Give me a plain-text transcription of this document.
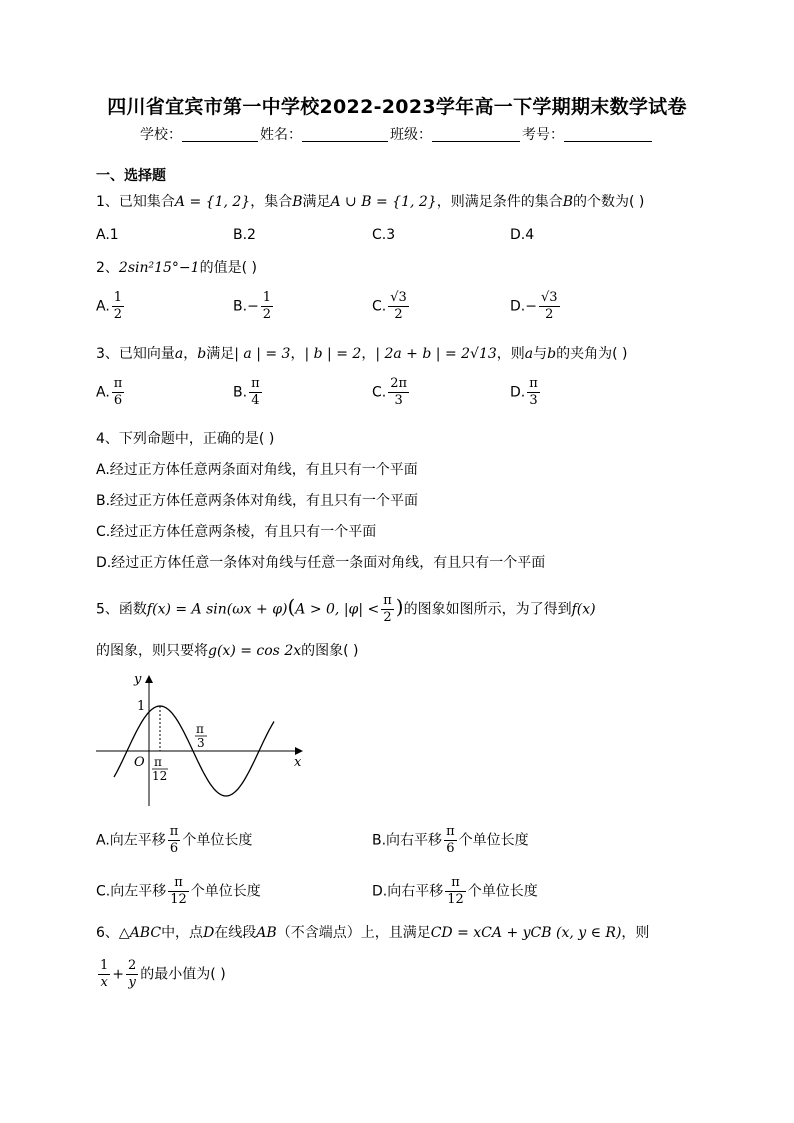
四川省宜宾市第一中学校2022-2023学年高一下学期期末数学试卷
学校：	姓名：	班级：	考号：
一、选择题
1、已知集合A = {1, 2}，集合B满足A ∪ B = {1, 2}，则满足条件的集合B的个数为( )
A.1	B.2	C.3	D.4
2、2sin²15°−1的值是( )
A. $\frac{1}{2}$	$B.- \frac{1}{2}$	C. $\frac{√3}{2}$	$D.- \frac{√3}{2}$
3、已知向量a，b满足| a | = 3，| b | = 2，| 2a + b | = 2√13，则a与b的夹角为( )
A. $\frac{\pi}{6}$	B. $\frac{\pi}{4}$	C. $\frac{2\pi}{3}$	D. $\frac{\pi}{3}$
4、下列命题中，正确的是( )
A.经过正方体任意两条面对角线，有且只有一个平面
B.经过正方体任意两条体对角线，有且只有一个平面
C.经过正方体任意两条棱，有且只有一个平面
D.经过正方体任意一条体对角线与任意一条面对角线，有且只有一个平面
5、函数f(x) = A sin(ωx + φ)(A > 0, $|\varphi| < \frac{\pi}{2}$ )的图象如图所示，为了得到f(x)
的图象，则只要将g(x) = cos 2x的图象( )
y
x
O
1
π
12
π
3
A.向左平移 $\frac{\pi}{6}$ 个单位长度	B.向右平移 $\frac{\pi}{6}$ 个单位长度
C.向左平移 $\frac{\pi}{12}$ 个单位长度	D.向右平移 $\frac{\pi}{12}$ 个单位长度
6、△ABC中，点D在线段AB（不含端点）上，且满足CD = xCA + yCB (x, y ∈ R)，则
$\frac{1}{x} + \frac{2}{y}$ 的最小值为( )
